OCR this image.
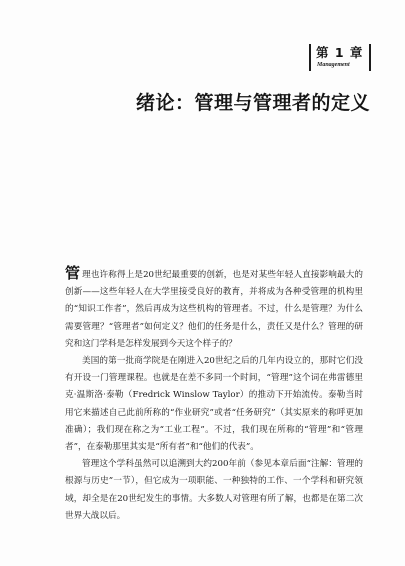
第 1 章
Management
绪论：管理与管理者的定义

管理也许称得上是20世纪最重要的创新，也是对某些年轻人直接影响最大的创新——这些年轻人在大学里接受良好的教育，并将成为各种受管理的机构里的“知识工作者”，然后再成为这些机构的管理者。不过，什么是管理？为什么需要管理？“管理者”如何定义？他们的任务是什么，责任又是什么？管理的研究和这门学科是怎样发展到今天这个样子的？

美国的第一批商学院是在刚进入20世纪之后的几年内设立的，那时它们没有开设一门管理课程。也就是在差不多同一个时间，“管理”这个词在弗雷德里克·温斯洛·泰勒（Fredrick Winslow Taylor）的推动下开始流传。泰勒当时用它来描述自己此前所称的“作业研究”或者“任务研究”（其实原来的称呼更加准确）；我们现在称之为“工业工程”。不过，我们现在所称的“管理”和“管理者”，在泰勒那里其实是“所有者”和“他们的代表”。

管理这个学科虽然可以追溯到大约200年前（参见本章后面“注解：管理的根源与历史”一节），但它成为一项职能、一种独特的工作、一个学科和研究领域，却全是在20世纪发生的事情。大多数人对管理有所了解，也都是在第二次世界大战以后。
